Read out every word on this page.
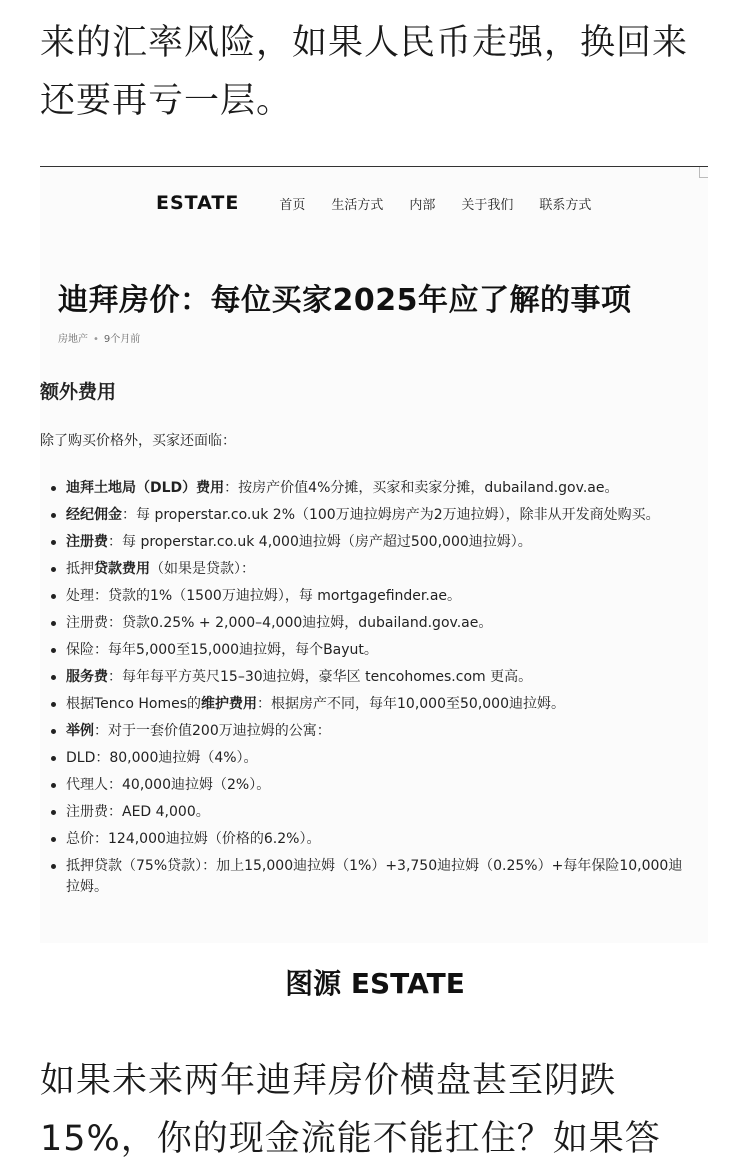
来的汇率风险，如果人民币走强，换回来还要再亏一层。

ESTATE	首页 生活方式 内部 关于我们 联系方式
迪拜房价：每位买家2025年应了解的事项
房地产 • 9个月前
额外费用

除了购买价格外，买家还面临：

迪拜土地局（DLD）费用：按房产价值4%分摊，买家和卖家分摊，dubailand.gov.ae。
经纪佣金：每 properstar.co.uk 2%（100万迪拉姆房产为2万迪拉姆），除非从开发商处购买。
注册费：每 properstar.co.uk 4,000迪拉姆（房产超过500,000迪拉姆）。
抵押贷款费用（如果是贷款）：
处理：贷款的1%（1500万迪拉姆），每 mortgagefinder.ae。
注册费：贷款0.25% + 2,000–4,000迪拉姆，dubailand.gov.ae。
保险：每年5,000至15,000迪拉姆，每个Bayut。
服务费：每年每平方英尺15–30迪拉姆，豪华区 tencohomes.com 更高。
根据Tenco Homes的维护费用：根据房产不同，每年10,000至50,000迪拉姆。
举例：对于一套价值200万迪拉姆的公寓：
DLD：80,000迪拉姆（4%）。
代理人：40,000迪拉姆（2%）。
注册费：AED 4,000。
总价：124,000迪拉姆（价格的6.2%）。
抵押贷款（75%贷款）：加上15,000迪拉姆（1%）+3,750迪拉姆（0.25%）+每年保险10,000迪拉姆。

图源 ESTATE

如果未来两年迪拜房价横盘甚至阴跌15%，你的现金流能不能扛住？如果答
